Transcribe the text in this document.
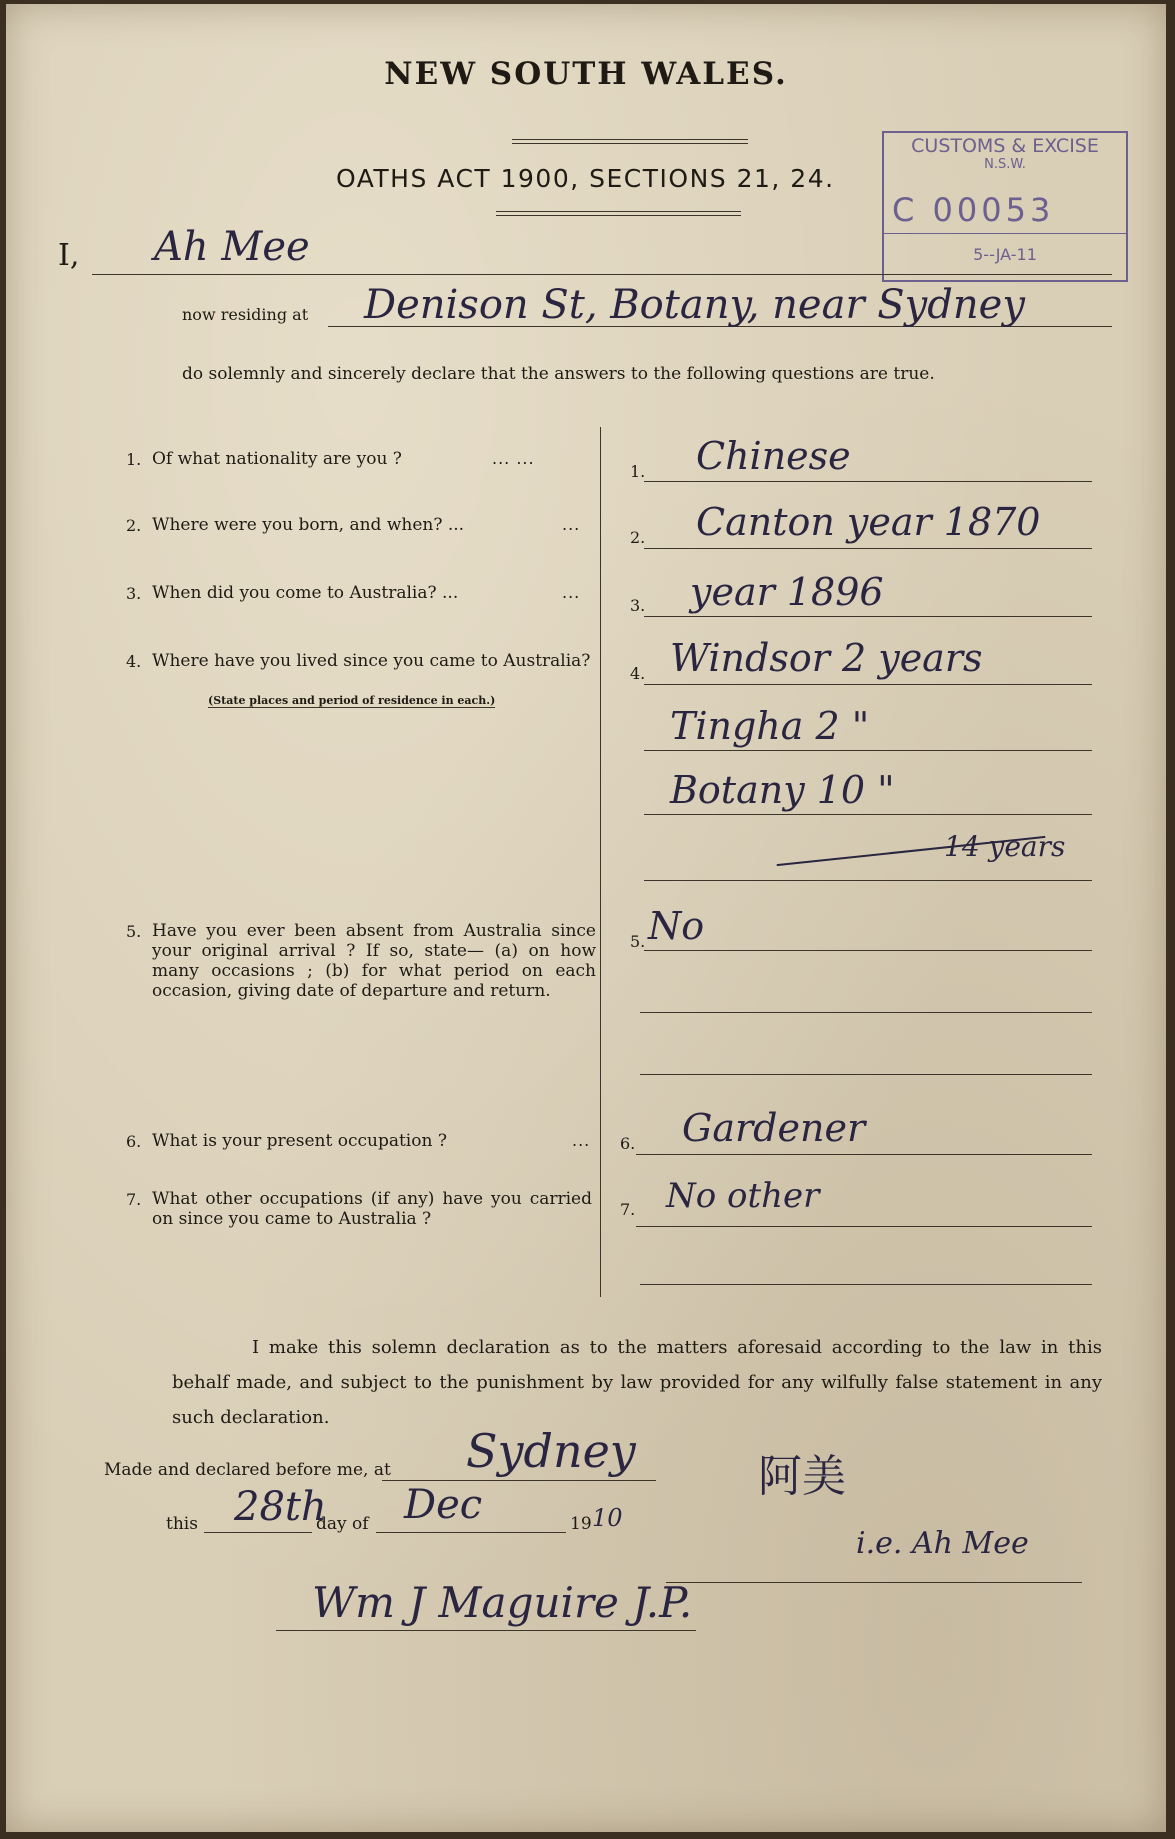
NEW SOUTH WALES.
OATHS ACT 1900, SECTIONS 21, 24.
CUSTOMS & EXCISE
N.S.W.
C 00053
5--JA-11
I, Ah Mee
now residing at Denison St, Botany, near Sydney
do solemnly and sincerely declare that the answers to the following questions are true.
1. Of what nationality are you ?	... ...
1. Chinese
2. Where were you born, and when? ...	...
2. Canton year 1870
3. When did you come to Australia? ...	...
3. year 1896
4. Where have you lived since you came to Australia?
(State places and period of residence in each.)
4. Windsor 2 years
Tingha 2 "
Botany 10 "
14 years
5. Have you ever been absent from Australia since your original arrival ? If so, state— (a) on how many occasions ; (b) for what period on each occasion, giving date of departure and return.
5. No
6. What is your present occupation ?	... 6. Gardener
7. What other occupations (if any) have you carried on since you came to Australia ?	7. No other
I make this solemn declaration as to the matters aforesaid according to the law in this behalf made, and subject to the punishment by law provided for any wilfully false statement in any such declaration.
Made and declared before me, at Sydney
this 28th
day of Dec	19 10
阿美
i.e. Ah Mee
Wm J Maguire J.P.
